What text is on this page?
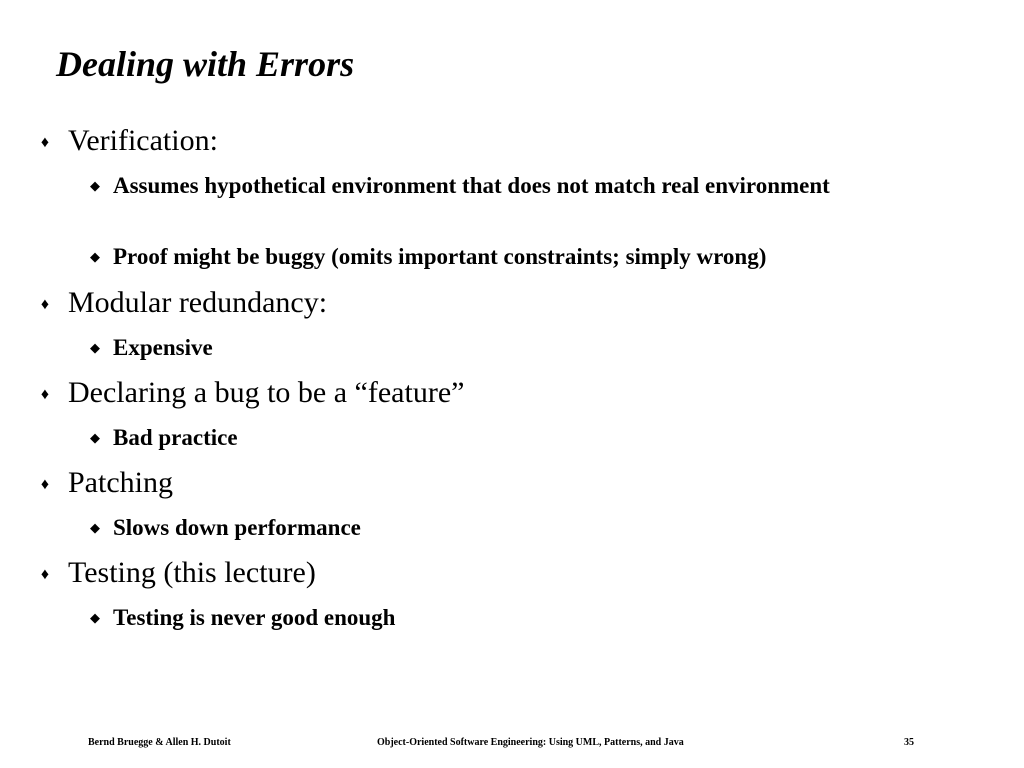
Dealing with Errors
♦ Verification:
◆ Assumes hypothetical environment that does not match real environment
◆ Proof might be buggy (omits important constraints; simply wrong)
♦ Modular redundancy:
◆ Expensive
♦ Declaring a bug to be a “feature”
◆ Bad practice
♦ Patching
◆ Slows down performance
♦ Testing (this lecture)
◆ Testing is never good enough
Bernd Bruegge & Allen H. Dutoit	Object-Oriented Software Engineering: Using UML, Patterns, and Java	35
